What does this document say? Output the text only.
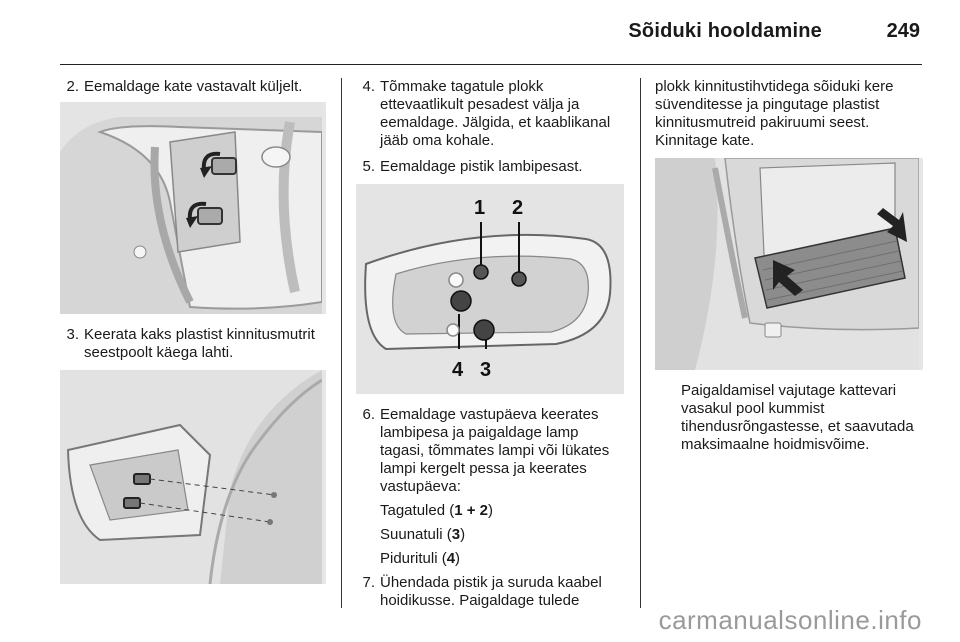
Sõiduki hooldamine	249

2. Eemaldage kate vastavalt küljelt.

3. Keerata kaks plastist kinnitusmutrit seestpoolt käega lahti.

4. Tõmmake tagatule plokk ettevaatlikult pesadest välja ja eemaldage. Jälgida, et kaablikanal jääb oma kohale.

5. Eemaldage pistik lambipesast.

1 2
4 3

6. Eemaldage vastupäeva keerates lambipesa ja paigaldage lamp tagasi, tõmmates lampi või lükates lampi kergelt pessa ja keerates vastupäeva:

Tagatuled (1 + 2)

Suunatuli (3)

Piduritul​i (4)

7. Ühendada pistik ja suruda kaabel hoidikusse. Paigaldage tulede

plokk kinnitustihvtidega sõiduki kere süvenditesse ja pingutage plastist kinnitusmutreid pakiruumi seest. Kinnitage kate.

Paigaldamisel vajutage kattevari vasakul pool kummist tihendusrõngastesse, et saavutada maksimaalne hoidmisvõime.

carmanualsonline.info
